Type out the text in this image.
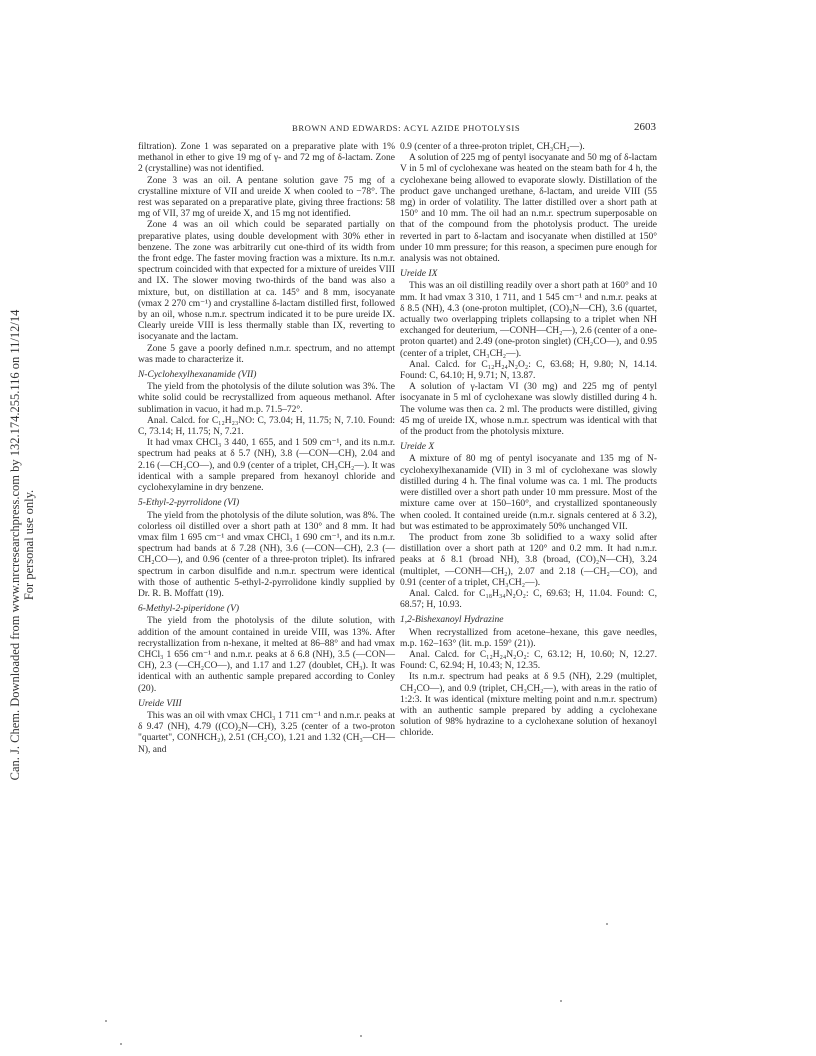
BROWN AND EDWARDS: ACYL AZIDE PHOTOLYSIS	2603
Can. J. Chem. Downloaded from www.nrcresearchpress.com by 132.174.255.116 on 11/12/14 For personal use only.

filtration). Zone 1 was separated on a preparative plate with 1% methanol in ether to give 19 mg of γ- and 72 mg of δ-lactam. Zone 2 (crystalline) was not identified.

Zone 3 was an oil. A pentane solution gave 75 mg of a crystalline mixture of VII and ureide X when cooled to −78°. The rest was separated on a preparative plate, giving three fractions: 58 mg of VII, 37 mg of ureide X, and 15 mg not identified.

Zone 4 was an oil which could be separated partially on preparative plates, using double development with 30% ether in benzene. The zone was arbitrarily cut one-third of its width from the front edge. The faster moving fraction was a mixture. Its n.m.r. spectrum coincided with that expected for a mixture of ureides VIII and IX. The slower moving two-thirds of the band was also a mixture, but, on distillation at ca. 145° and 8 mm, isocyanate (νmax 2 270 cm⁻¹) and crystalline δ-lactam distilled first, followed by an oil, whose n.m.r. spectrum indicated it to be pure ureide IX. Clearly ureide VIII is less thermally stable than IX, reverting to isocyanate and the lactam.

Zone 5 gave a poorly defined n.m.r. spectrum, and no attempt was made to characterize it.

N-Cyclohexylhexanamide (VII)

The yield from the photolysis of the dilute solution was 3%. The white solid could be recrystallized from aqueous methanol. After sublimation in vacuo, it had m.p. 71.5–72°.

Anal. Calcd. for C₁₂H₂₃NO: C, 73.04; H, 11.75; N, 7.10. Found: C, 73.14; H, 11.75; N, 7.21.

It had νmax CHCl₃ 3 440, 1 655, and 1 509 cm⁻¹, and its n.m.r. spectrum had peaks at δ 5.7 (NH), 3.8 (—CON—CH), 2.04 and 2.16 (—CH₂CO—), and 0.9 (center of a triplet, CH₃CH₂—). It was identical with a sample prepared from hexanoyl chloride and cyclohexylamine in dry benzene.

5-Ethyl-2-pyrrolidone (VI)

The yield from the photolysis of the dilute solution, was 8%. The colorless oil distilled over a short path at 130° and 8 mm. It had νmax film 1 695 cm⁻¹ and νmax CHCl₃ 1 690 cm⁻¹, and its n.m.r. spectrum had bands at δ 7.28 (NH), 3.6 (—CON—CH), 2.3 (—CH₂CO—), and 0.96 (center of a three-proton triplet). Its infrared spectrum in carbon disulfide and n.m.r. spectrum were identical with those of authentic 5-ethyl-2-pyrrolidone kindly supplied by Dr. R. B. Moffatt (19).

6-Methyl-2-piperidone (V)

The yield from the photolysis of the dilute solution, with addition of the amount contained in ureide VIII, was 13%. After recrystallization from n-hexane, it melted at 86–88° and had νmax CHCl₃ 1 656 cm⁻¹ and n.m.r. peaks at δ 6.8 (NH), 3.5 (—CON—CH), 2.3 (—CH₂CO—), and 1.17 and 1.27 (doublet, CH₃). It was identical with an authentic sample prepared according to Conley (20).

Ureide VIII

This was an oil with νmax CHCl₃ 1 711 cm⁻¹ and n.m.r. peaks at δ 9.47 (NH), 4.79 ((CO)₂N—CH), 3.25 (center of a two-proton "quartet", CONHCH₂), 2.51 (CH₂CO), 1.21 and 1.32 (CH₃—CH—N), and

0.9 (center of a three-proton triplet, CH₃CH₂—).

A solution of 225 mg of pentyl isocyanate and 50 mg of δ-lactam V in 5 ml of cyclohexane was heated on the steam bath for 4 h, the cyclohexane being allowed to evaporate slowly. Distillation of the product gave unchanged urethane, δ-lactam, and ureide VIII (55 mg) in order of volatility. The latter distilled over a short path at 150° and 10 mm. The oil had an n.m.r. spectrum superposable on that of the compound from the photolysis product. The ureide reverted in part to δ-lactam and isocyanate when distilled at 150° under 10 mm pressure; for this reason, a specimen pure enough for analysis was not obtained.

Ureide IX

This was an oil distilling readily over a short path at 160° and 10 mm. It had νmax 3 310, 1 711, and 1 545 cm⁻¹ and n.m.r. peaks at δ 8.5 (NH), 4.3 (one-proton multiplet, (CO)₂N—CH), 3.6 (quartet, actually two overlapping triplets collapsing to a triplet when NH exchanged for deuterium, —CONH—CH₂—), 2.6 (center of a one-proton quartet) and 2.49 (one-proton singlet) (CH₂CO—), and 0.95 (center of a triplet, CH₃CH₂—).

Anal. Calcd. for C₁₂H₂₄N₂O₂: C, 63.68; H, 9.80; N, 14.14. Found: C, 64.10; H, 9.71; N, 13.87.

A solution of γ-lactam VI (30 mg) and 225 mg of pentyl isocyanate in 5 ml of cyclohexane was slowly distilled during 4 h. The volume was then ca. 2 ml. The products were distilled, giving 45 mg of ureide IX, whose n.m.r. spectrum was identical with that of the product from the photolysis mixture.

Ureide X

A mixture of 80 mg of pentyl isocyanate and 135 mg of N-cyclohexylhexanamide (VII) in 3 ml of cyclohexane was slowly distilled during 4 h. The final volume was ca. 1 ml. The products were distilled over a short path under 10 mm pressure. Most of the mixture came over at 150–160°, and crystallized spontaneously when cooled. It contained ureide (n.m.r. signals centered at δ 3.2), but was estimated to be approximately 50% unchanged VII.

The product from zone 3b solidified to a waxy solid after distillation over a short path at 120° and 0.2 mm. It had n.m.r. peaks at δ 8.1 (broad NH), 3.8 (broad, (CO)₂N—CH), 3.24 (multiplet, —CONH—CH₂), 2.07 and 2.18 (—CH₂—CO), and 0.91 (center of a triplet, CH₃CH₂—).

Anal. Calcd. for C₁₈H₃₄N₂O₂: C, 69.63; H, 11.04. Found: C, 68.57; H, 10.93.

1,2-Bishexanoyl Hydrazine

When recrystallized from acetone–hexane, this gave needles, m.p. 162–163° (lit. m.p. 159° (21)).

Anal. Calcd. for C₁₂H₂₄N₂O₂: C, 63.12; H, 10.60; N, 12.27. Found: C, 62.94; H, 10.43; N, 12.35.

Its n.m.r. spectrum had peaks at δ 9.5 (NH), 2.29 (multiplet, CH₂CO—), and 0.9 (triplet, CH₃CH₂—), with areas in the ratio of 1:2:3. It was identical (mixture melting point and n.m.r. spectrum) with an authentic sample prepared by adding a cyclohexane solution of 98% hydrazine to a cyclohexane solution of hexanoyl chloride.
